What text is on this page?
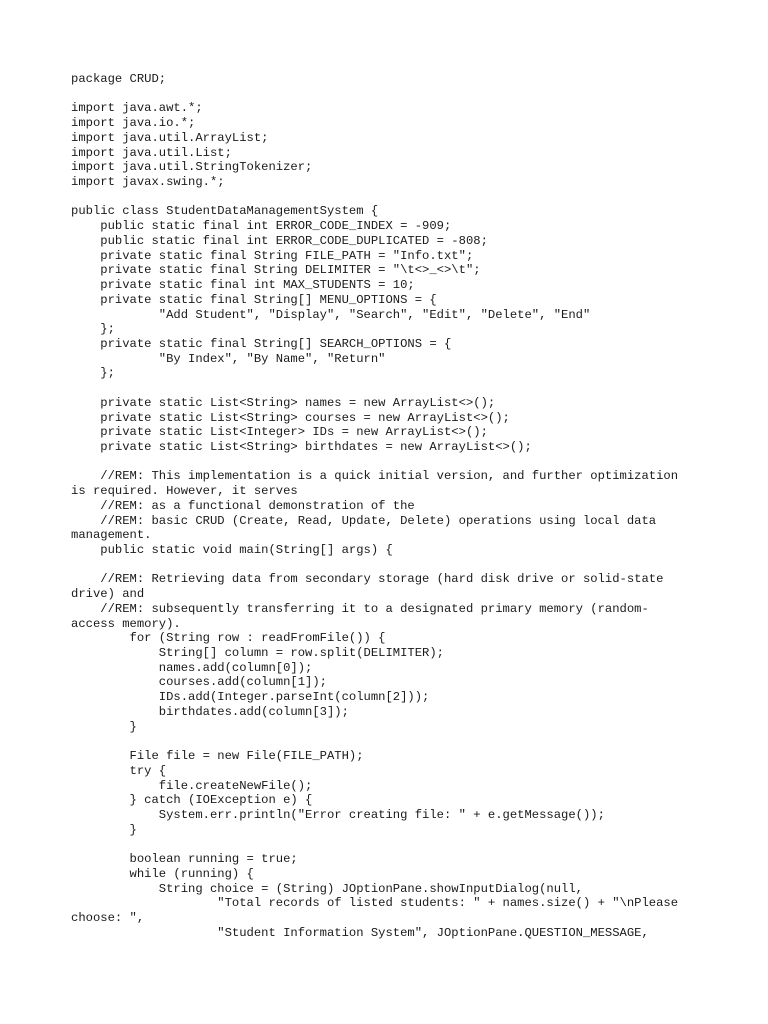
package CRUD;
import java.awt.*;
import java.io.*;
import java.util.ArrayList;
import java.util.List;
import java.util.StringTokenizer;
import javax.swing.*;
public class StudentDataManagementSystem {
public static final int ERROR_CODE_INDEX = -909;
public static final int ERROR_CODE_DUPLICATED = -808;
private static final String FILE_PATH = "Info.txt";
private static final String DELIMITER = "\t<>_<>\t";
private static final int MAX_STUDENTS = 10;
private static final String[] MENU_OPTIONS = {
"Add Student", "Display", "Search", "Edit", "Delete", "End"
};
private static final String[] SEARCH_OPTIONS = {
"By Index", "By Name", "Return"
};
private static List<String> names = new ArrayList<>();
private static List<String> courses = new ArrayList<>();
private static List<Integer> IDs = new ArrayList<>();
private static List<String> birthdates = new ArrayList<>();
//REM: This implementation is a quick initial version, and further optimization
is required. However, it serves
//REM: as a functional demonstration of the
//REM: basic CRUD (Create, Read, Update, Delete) operations using local data
management.
public static void main(String[] args) {
//REM: Retrieving data from secondary storage (hard disk drive or solid-state
drive) and
//REM: subsequently transferring it to a designated primary memory (random-
access memory).
for (String row : readFromFile()) {
String[] column = row.split(DELIMITER);
names.add(column[0]);
courses.add(column[1]);
IDs.add(Integer.parseInt(column[2]));
birthdates.add(column[3]);
}
File file = new File(FILE_PATH);
try {
file.createNewFile();
} catch (IOException e) {
System.err.println("Error creating file: " + e.getMessage());
}
boolean running = true;
while (running) {
String choice = (String) JOptionPane.showInputDialog(null,
"Total records of listed students: " + names.size() + "\nPlease
choose: ",
"Student Information System", JOptionPane.QUESTION_MESSAGE,
